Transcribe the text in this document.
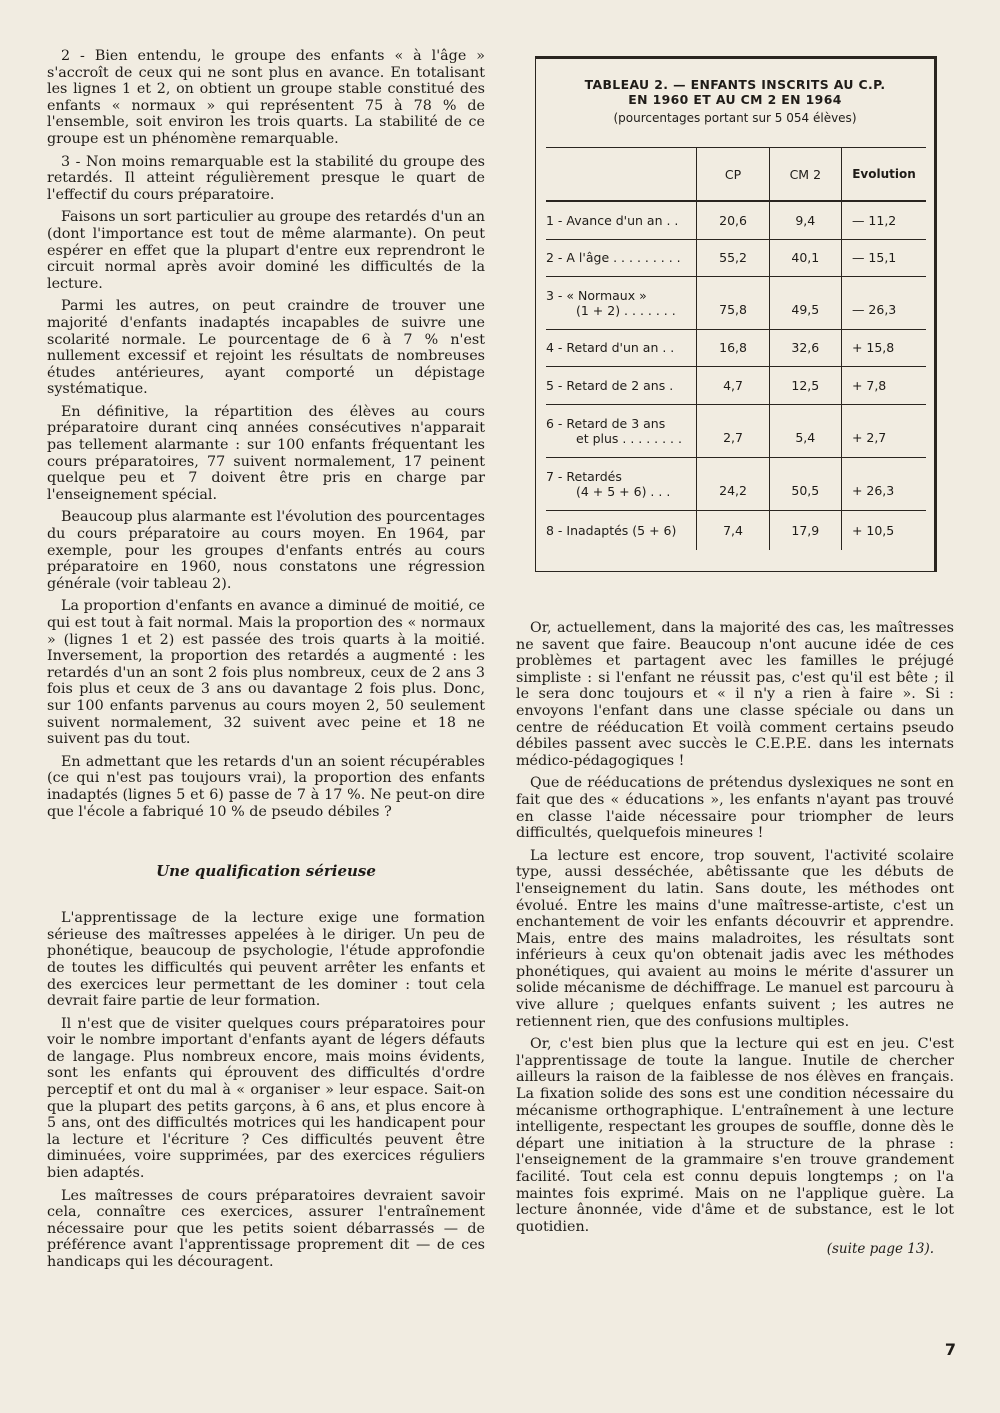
2 - Bien entendu, le groupe des enfants « à l'âge » s'accroît de ceux qui ne sont plus en avance. En totalisant les lignes 1 et 2, on obtient un groupe stable constitué des enfants « normaux » qui représentent 75 à 78 % de l'ensemble, soit environ les trois quarts. La stabilité de ce groupe est un phénomène remarquable.

3 - Non moins remarquable est la stabilité du groupe des retardés. Il atteint régulièrement presque le quart de l'effectif du cours préparatoire.

Faisons un sort particulier au groupe des retardés d'un an (dont l'importance est tout de même alarmante). On peut espérer en effet que la plupart d'entre eux reprendront le circuit normal après avoir dominé les difficultés de la lecture.

Parmi les autres, on peut craindre de trouver une majorité d'enfants inadaptés incapables de suivre une scolarité normale. Le pourcentage de 6 à 7 % n'est nullement excessif et rejoint les résultats de nombreuses études antérieures, ayant comporté un dépistage systématique.

En définitive, la répartition des élèves au cours préparatoire durant cinq années consécutives n'apparait pas tellement alarmante : sur 100 enfants fréquentant les cours préparatoires, 77 suivent normalement, 17 peinent quelque peu et 7 doivent être pris en charge par l'enseignement spécial.

Beaucoup plus alarmante est l'évolution des pourcentages du cours préparatoire au cours moyen. En 1964, par exemple, pour les groupes d'enfants entrés au cours préparatoire en 1960, nous constatons une régression générale (voir tableau 2).

La proportion d'enfants en avance a diminué de moitié, ce qui est tout à fait normal. Mais la proportion des « normaux » (lignes 1 et 2) est passée des trois quarts à la moitié. Inversement, la proportion des retardés a augmenté : les retardés d'un an sont 2 fois plus nombreux, ceux de 2 ans 3 fois plus et ceux de 3 ans ou davantage 2 fois plus. Donc, sur 100 enfants parvenus au cours moyen 2, 50 seulement suivent normalement, 32 suivent avec peine et 18 ne suivent pas du tout.

En admettant que les retards d'un an soient récupérables (ce qui n'est pas toujours vrai), la proportion des enfants inadaptés (lignes 5 et 6) passe de 7 à 17 %. Ne peut-on dire que l'école a fabriqué 10 % de pseudo débiles ?

Une qualification sérieuse

L'apprentissage de la lecture exige une formation sérieuse des maîtresses appelées à le diriger. Un peu de phonétique, beaucoup de psychologie, l'étude approfondie de toutes les difficultés qui peuvent arrêter les enfants et des exercices leur permettant de les dominer : tout cela devrait faire partie de leur formation.

Il n'est que de visiter quelques cours préparatoires pour voir le nombre important d'enfants ayant de légers défauts de langage. Plus nombreux encore, mais moins évidents, sont les enfants qui éprouvent des difficultés d'ordre perceptif et ont du mal à « organiser » leur espace. Sait-on que la plupart des petits garçons, à 6 ans, et plus encore à 5 ans, ont des difficultés motrices qui les handicapent pour la lecture et l'écriture ? Ces difficultés peuvent être diminuées, voire supprimées, par des exercices réguliers bien adaptés.

Les maîtresses de cours préparatoires devraient savoir cela, connaître ces exercices, assurer l'entraînement nécessaire pour que les petits soient débarrassés — de préférence avant l'apprentissage proprement dit — de ces handicaps qui les découragent.

TABLEAU 2. — ENFANTS INSCRITS AU C.P.
EN 1960 ET AU CM 2 EN 1964
(pourcentages portant sur 5 054 élèves)
	CP	CM 2	Evolution

1 - Avance d'un an . .	20,6	9,4	— 11,2

2 - A l'âge . . . . . . . . .	55,2	40,1	— 15,1

3 - « Normaux »
(1 + 2) . . . . . . .	75,8	49,5	— 26,3

4 - Retard d'un an . .	16,8	32,6	+ 15,8

5 - Retard de 2 ans .	4,7	12,5	+ 7,8

6 - Retard de 3 ans
et plus . . . . . . . .	2,7	5,4	+ 2,7

7 - Retardés
(4 + 5 + 6) . . .	24,2	50,5	+ 26,3

8 - Inadaptés (5 + 6)	7,4	17,9	+ 10,5

Or, actuellement, dans la majorité des cas, les maîtresses ne savent que faire. Beaucoup n'ont aucune idée de ces problèmes et partagent avec les familles le préjugé simpliste : si l'enfant ne réussit pas, c'est qu'il est bête ; il le sera donc toujours et « il n'y a rien à faire ». Si : envoyons l'enfant dans une classe spéciale ou dans un centre de rééducation Et voilà comment certains pseudo débiles passent avec succès le C.E.P.E. dans les internats médico-pédagogiques !

Que de rééducations de prétendus dyslexiques ne sont en fait que des « éducations », les enfants n'ayant pas trouvé en classe l'aide nécessaire pour triompher de leurs difficultés, quelquefois mineures !

La lecture est encore, trop souvent, l'activité scolaire type, aussi desséchée, abêtissante que les débuts de l'enseignement du latin. Sans doute, les méthodes ont évolué. Entre les mains d'une maîtresse-artiste, c'est un enchantement de voir les enfants découvrir et apprendre. Mais, entre des mains maladroites, les résultats sont inférieurs à ceux qu'on obtenait jadis avec les méthodes phonétiques, qui avaient au moins le mérite d'assurer un solide mécanisme de déchiffrage. Le manuel est parcouru à vive allure ; quelques enfants suivent ; les autres ne retiennent rien, que des confusions multiples.

Or, c'est bien plus que la lecture qui est en jeu. C'est l'apprentissage de toute la langue. Inutile de chercher ailleurs la raison de la faiblesse de nos élèves en français. La fixation solide des sons est une condition nécessaire du mécanisme orthographique. L'entraînement à une lecture intelligente, respectant les groupes de souffle, donne dès le départ une initiation à la structure de la phrase : l'enseignement de la grammaire s'en trouve grandement facilité. Tout cela est connu depuis longtemps ; on l'a maintes fois exprimé. Mais on ne l'applique guère. La lecture ânonnée, vide d'âme et de substance, est le lot quotidien.

(suite page 13).
7
